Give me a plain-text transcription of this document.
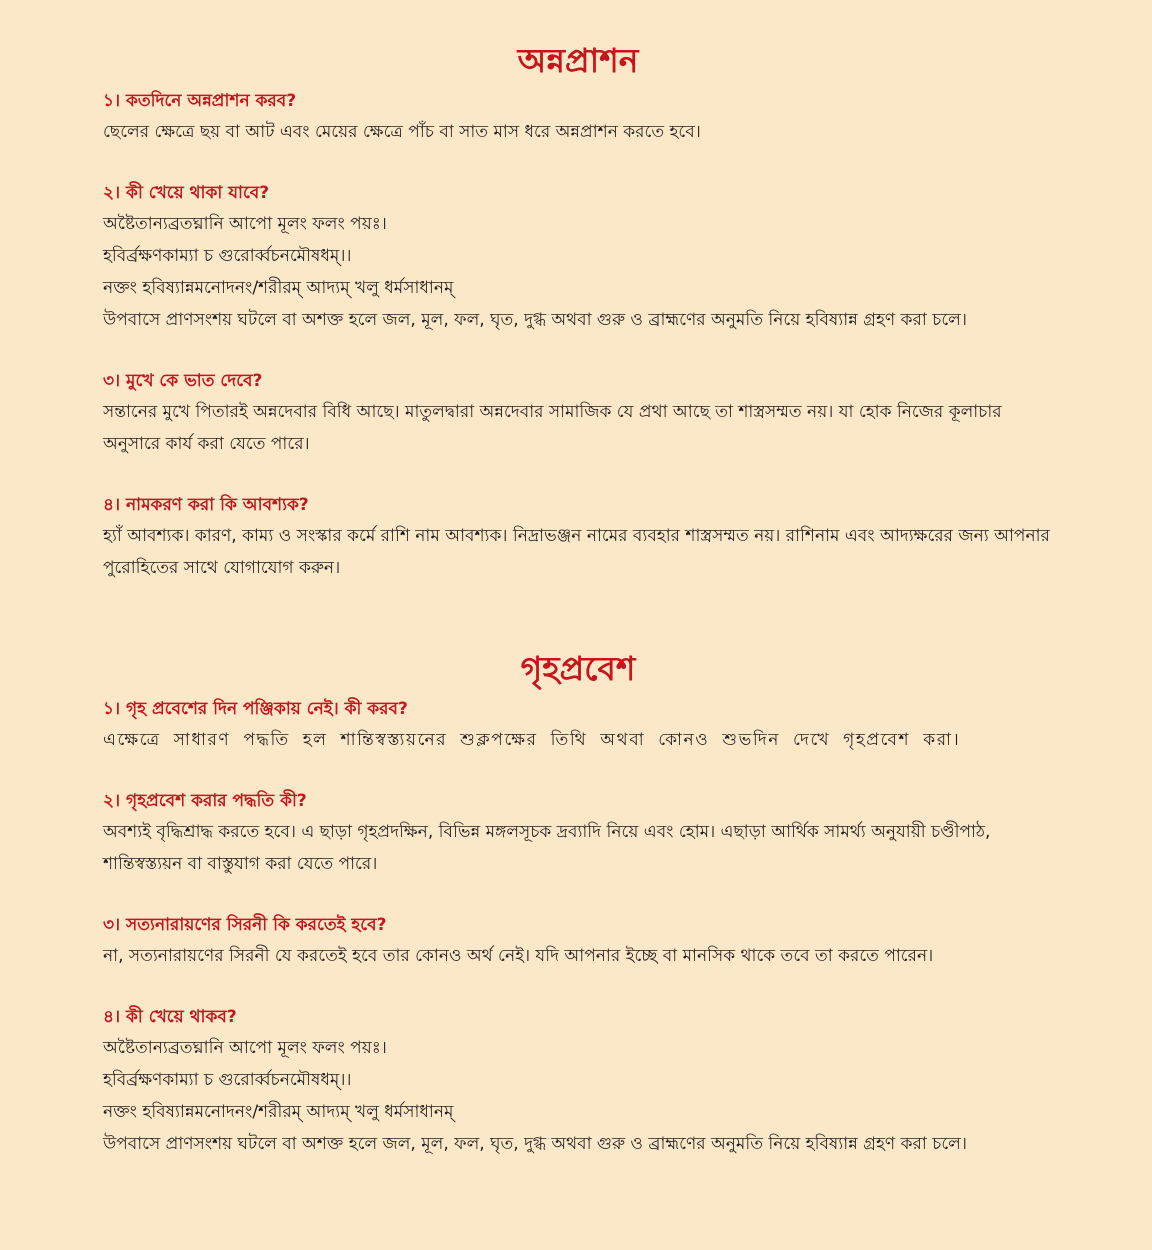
অন্নপ্রাশন

১। কতদিনে অন্নপ্রাশন করব?

ছেলের ক্ষেত্রে ছয় বা আট এবং মেয়ের ক্ষেত্রে পাঁচ বা সাত মাস ধরে অন্নপ্রাশন করতে হবে।

২। কী খেয়ে থাকা যাবে?

অষ্টৈতান্যব্রতঘ্নানি আপো মূলং ফলং পয়ঃ।

হবির্ব্রক্ষণকাম্যা চ গুরোর্ব্বচনমৌষধম্।।

নক্তং হবিষ্যান্নমনোদনং/শরীরম্ আদ্যম্ খলু ধর্মসাধানম্

উপবাসে প্রাণসংশয় ঘটলে বা অশক্ত হলে জল, মূল, ফল, ঘৃত, দুগ্ধ অথবা গুরু ও ব্রাহ্মণের অনুমতি নিয়ে হবিষ্যান্ন গ্রহণ করা চলে।

৩। মুখে কে ভাত দেবে?

সন্তানের মুখে পিতারই অন্নদেবার বিধি আছে। মাতুলদ্বারা অন্নদেবার সামাজিক যে প্রথা আছে তা শাস্ত্রসম্মত নয়। যা হোক নিজের কূলাচার অনুসারে কার্য করা যেতে পারে।

৪। নামকরণ করা কি আবশ্যক?

হ্যাঁ আবশ্যক। কারণ, কাম্য ও সংস্কার কর্মে রাশি নাম আবশ্যক। নিদ্রাভঞ্জন নামের ব্যবহার শাস্ত্রসম্মত নয়। রাশিনাম এবং আদ্যক্ষরের জন্য আপনার পুরোহিতের সাথে যোগাযোগ করুন।

গৃহপ্রবেশ

১। গৃহ প্রবেশের দিন পঞ্জিকায় নেই। কী করব?

এক্ষেত্রে সাধারণ পদ্ধতি হল শান্তিস্বস্ত্যয়নের শুক্লপক্ষের তিথি অথবা কোনও শুভদিন দেখে গৃহপ্রবেশ করা।

২। গৃহপ্রবেশ করার পদ্ধতি কী?

অবশ্যই বৃদ্ধিশ্রাদ্ধ করতে হবে। এ ছাড়া গৃহপ্রদক্ষিন, বিভিন্ন মঙ্গলসূচক দ্রব্যাদি নিয়ে এবং হোম। এছাড়া আর্থিক সামর্থ্য অনুযায়ী চণ্ডীপাঠ, শান্তিস্বস্ত্যয়ন বা বাস্তুযাগ করা যেতে পারে।

৩। সত্যনারায়ণের সিরনী কি করতেই হবে?

না, সত্যনারায়ণের সিরনী যে করতেই হবে তার কোনও অর্থ নেই। যদি আপনার ইচ্ছে বা মানসিক থাকে তবে তা করতে পারেন।

৪। কী খেয়ে থাকব?

অষ্টৈতান্যব্রতঘ্নানি আপো মূলং ফলং পয়ঃ।

হবির্ব্রক্ষণকাম্যা চ গুরোর্ব্বচনমৌষধম্।।

নক্তং হবিষ্যান্নমনোদনং/শরীরম্ আদ্যম্ খলু ধর্মসাধানম্

উপবাসে প্রাণসংশয় ঘটলে বা অশক্ত হলে জল, মূল, ফল, ঘৃত, দুগ্ধ অথবা গুরু ও ব্রাহ্মণের অনুমতি নিয়ে হবিষ্যান্ন গ্রহণ করা চলে।
